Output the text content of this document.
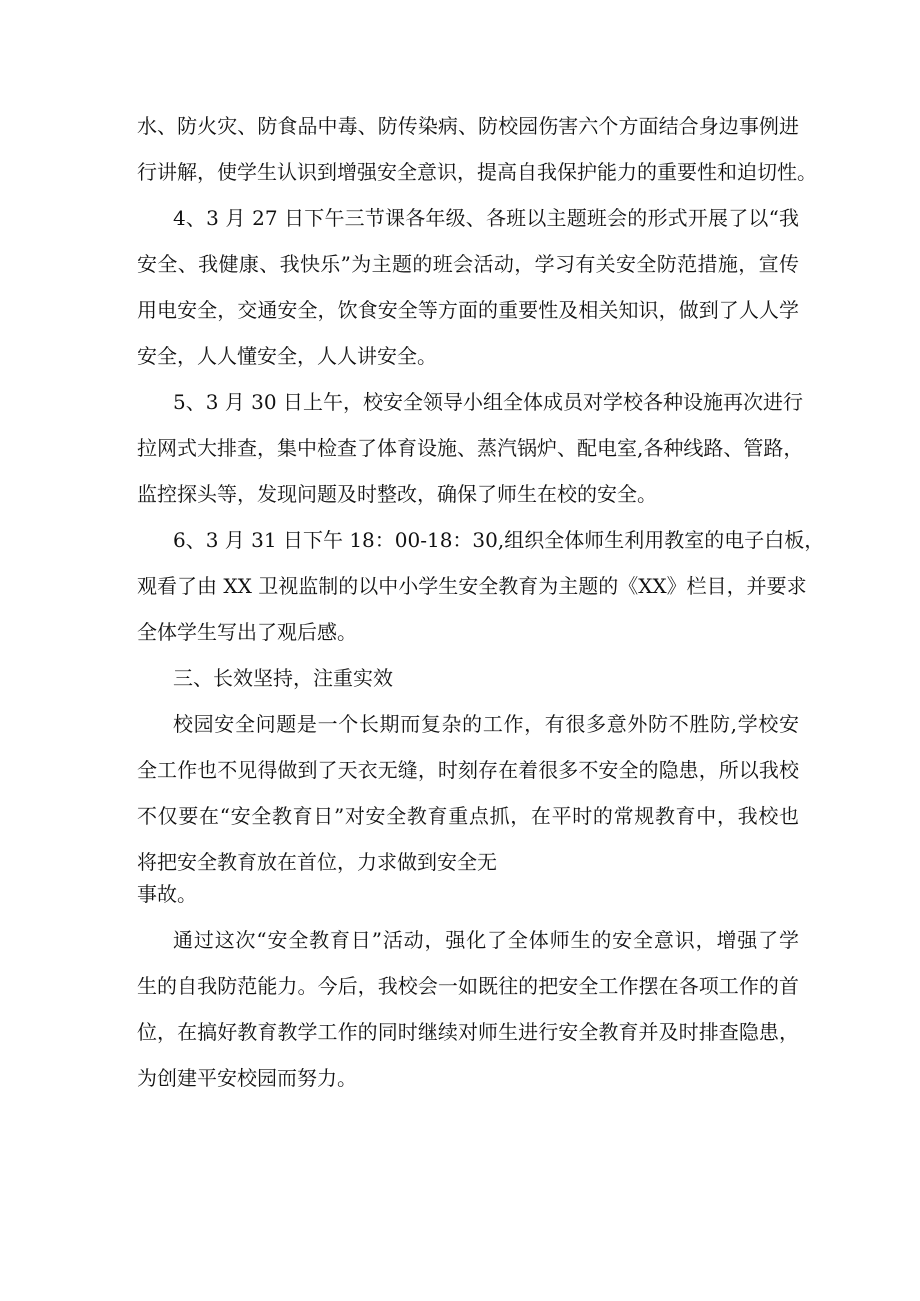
水、防火灾、防食品中毒、防传染病、防校园伤害六个方面结合身边事例进
行讲解，使学生认识到增强安全意识，提高自我保护能力的重要性和迫切性。
4、3 月 27 日下午三节课各年级、各班以主题班会的形式开展了以“我
安全、我健康、我快乐”为主题的班会活动，学习有关安全防范措施，宣传
用电安全，交通安全，饮食安全等方面的重要性及相关知识，做到了人人学
安全，人人懂安全，人人讲安全。
5、3 月 30 日上午，校安全领导小组全体成员对学校各种设施再次进行
拉网式大排查，集中检查了体育设施、蒸汽锅炉、配电室,各种线路、管路，
监控探头等，发现问题及时整改，确保了师生在校的安全。
6、3 月 31 日下午 18：00-18：30,组织全体师生利用教室的电子白板，
观看了由 XX 卫视监制的以中小学生安全教育为主题的《XX》栏目，并要求
全体学生写出了观后感。
三、长效坚持，注重实效
校园安全问题是一个长期而复杂的工作，有很多意外防不胜防,学校安
全工作也不见得做到了天衣无缝，时刻存在着很多不安全的隐患，所以我校
不仅要在“安全教育日”对安全教育重点抓，在平时的常规教育中，我校也
将把安全教育放在首位，力求做到安全无
事故。
通过这次“安全教育日”活动，强化了全体师生的安全意识，增强了学
生的自我防范能力。今后，我校会一如既往的把安全工作摆在各项工作的首
位，在搞好教育教学工作的同时继续对师生进行安全教育并及时排查隐患，
为创建平安校园而努力。
